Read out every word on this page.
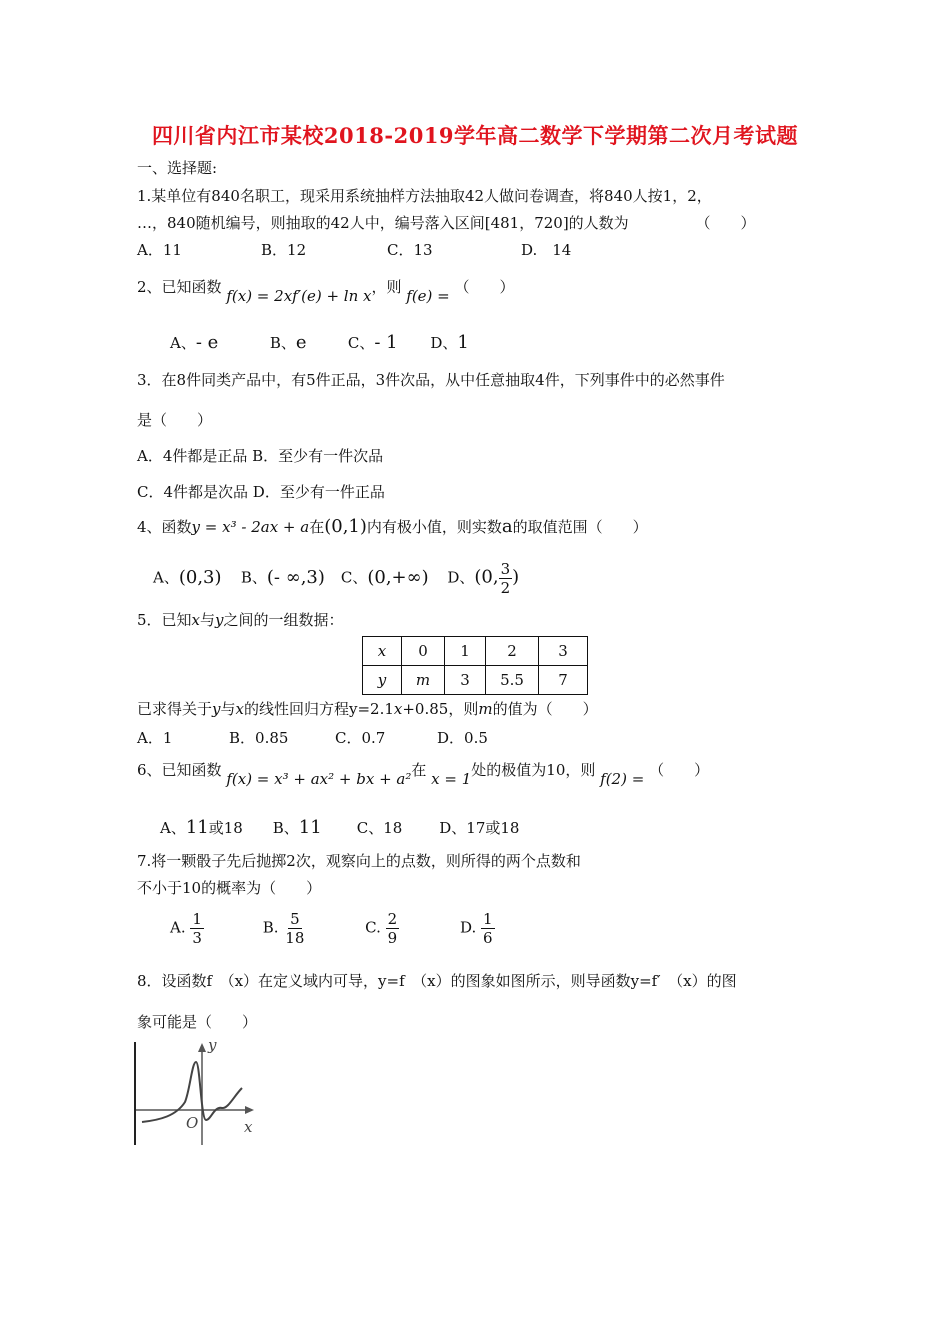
四川省内江市某校2018-2019学年高二数学下学期第二次月考试题
一、选择题:
1.某单位有840名职工，现采用系统抽样方法抽取42人做问卷调查，将840人按1，2，
…，840随机编号，则抽取的42人中，编号落入区间[481，720]的人数为	（　　）
A．11	B．12	C．13	D.　14
2、已知函数 f(x) = 2xf′(e) + ln x，则 f(e) = （　　）
A、- e	B、e	C、- 1 D、1
3．在8件同类产品中，有5件正品，3件次品，从中任意抽取4件，下列事件中的必然事件
是（　　）
A．4件都是正品 B．至少有一件次品
C．4件都是次品 D．至少有一件正品
4、函数y = x³ - 2ax + a在(0,1)内有极小值，则实数a的取值范围（　　）
A、(0,3) B、(- ∞,3) C、(0,+∞) D、(0, $\frac{3}{2}$ )
5．已知x与y之间的一组数据：
x	0	1	2	3
y	m	3	5.5	7
已求得关于y与x的线性回归方程y=2.1x+0.85，则m的值为（　　）
A．1	B．0.85	C．0.7	D．0.5
6、已知函数 f(x) = x³ + ax² + bx + a²在 x = 1处的极值为10，则 f(2) = （　　）
A、11或18 B、11 C、18 D、17或18
7.将一颗骰子先后抛掷2次，观察向上的点数，则所得的两个点数和
不小于10的概率为（　　）
A. $\frac{1}{3}$	B. $\frac{5}{18}$	C. $\frac{2}{9}$	D. $\frac{1}{6}$
8．设函数f　（x）在定义域内可导，y=f　（x）的图象如图所示，则导函数y=f′　（x）的图
象可能是（　　）
y
x
O
